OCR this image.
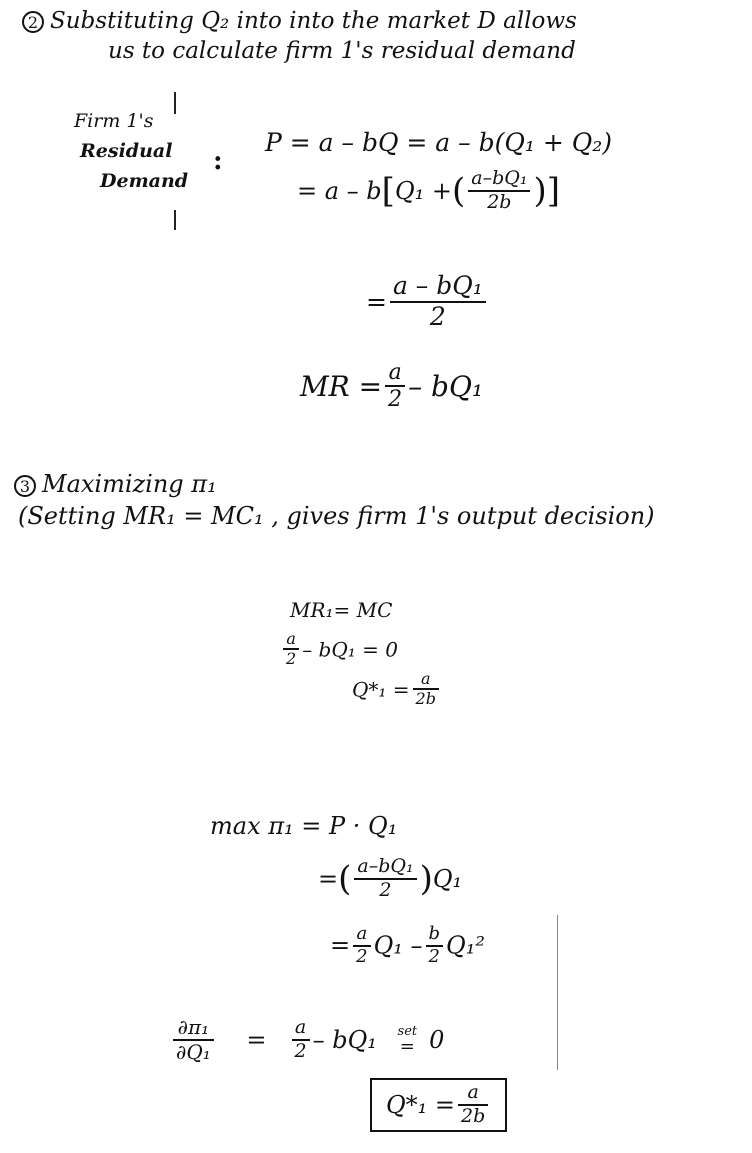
2 Substituting Q₂ into into the market D allows
us to calculate firm 1's residual demand
Firm 1's
Residual
Demand
:
P = a – bQ = a – b(Q₁ + Q₂)
= a – b[Q₁ +( $\frac{\text{a–bQ₁}}{2b}$ )]
= $\frac{\text{a – bQ₁}}{2}$
MR = $\frac{a}{2} - bQ_1$
3 Maximizing π₁
(Setting MR₁ = MC₁ , gives firm 1's output decision)
MR₁= MC
$\frac{a}{2} - bQ_1 = 0$
$Q*_1 = \frac{a}{2b}$
max π₁ = P · Q₁
=( $\frac{\text{a–bQ₁}}{2} )Q_1$
= $\frac{a}{2} Q_1 - \frac{b}{2} Q_1^2$
$\frac{\text{∂π₁}}{\text{∂Q₁}} = \frac{a}{2} - bQ_1$ set
= 0
$Q*_1 = \frac{a}{2b}$
